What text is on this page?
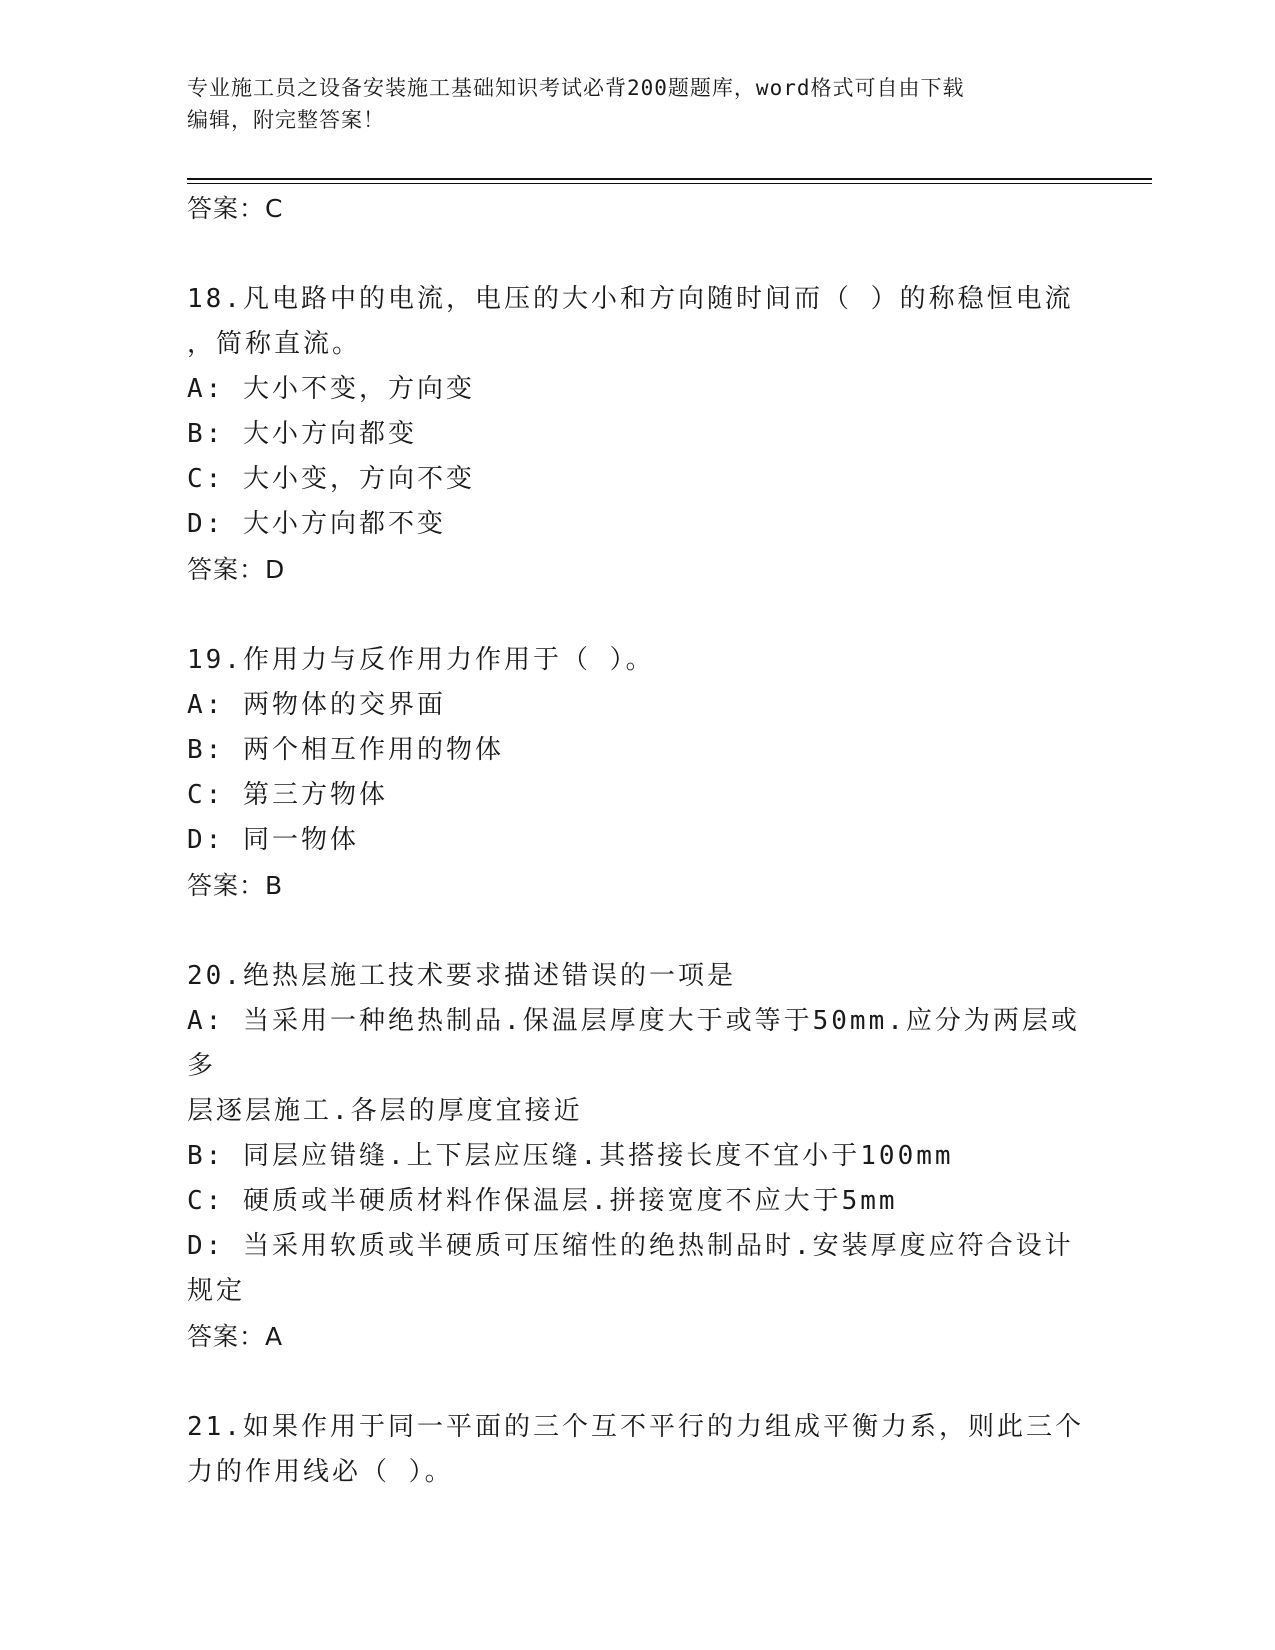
专业施工员之设备安装施工基础知识考试必背200题题库，word格式可自由下载
编辑，附完整答案！
答案：C
18.凡电路中的电流，电压的大小和方向随时间而（ ）的称稳恒电流
，简称直流。
A: 大小不变，方向变
B: 大小方向都变
C: 大小变，方向不变
D: 大小方向都不变
答案：D
19.作用力与反作用力作用于（ ）。
A: 两物体的交界面
B: 两个相互作用的物体
C: 第三方物体
D: 同一物体
答案：B
20.绝热层施工技术要求描述错误的一项是
A: 当采用一种绝热制品.保温层厚度大于或等于50mm.应分为两层或多
层逐层施工.各层的厚度宜接近
B: 同层应错缝.上下层应压缝.其搭接长度不宜小于100mm
C: 硬质或半硬质材料作保温层.拼接宽度不应大于5mm
D: 当采用软质或半硬质可压缩性的绝热制品时.安装厚度应符合设计
规定
答案：A
21.如果作用于同一平面的三个互不平行的力组成平衡力系，则此三个
力的作用线必（ ）。
